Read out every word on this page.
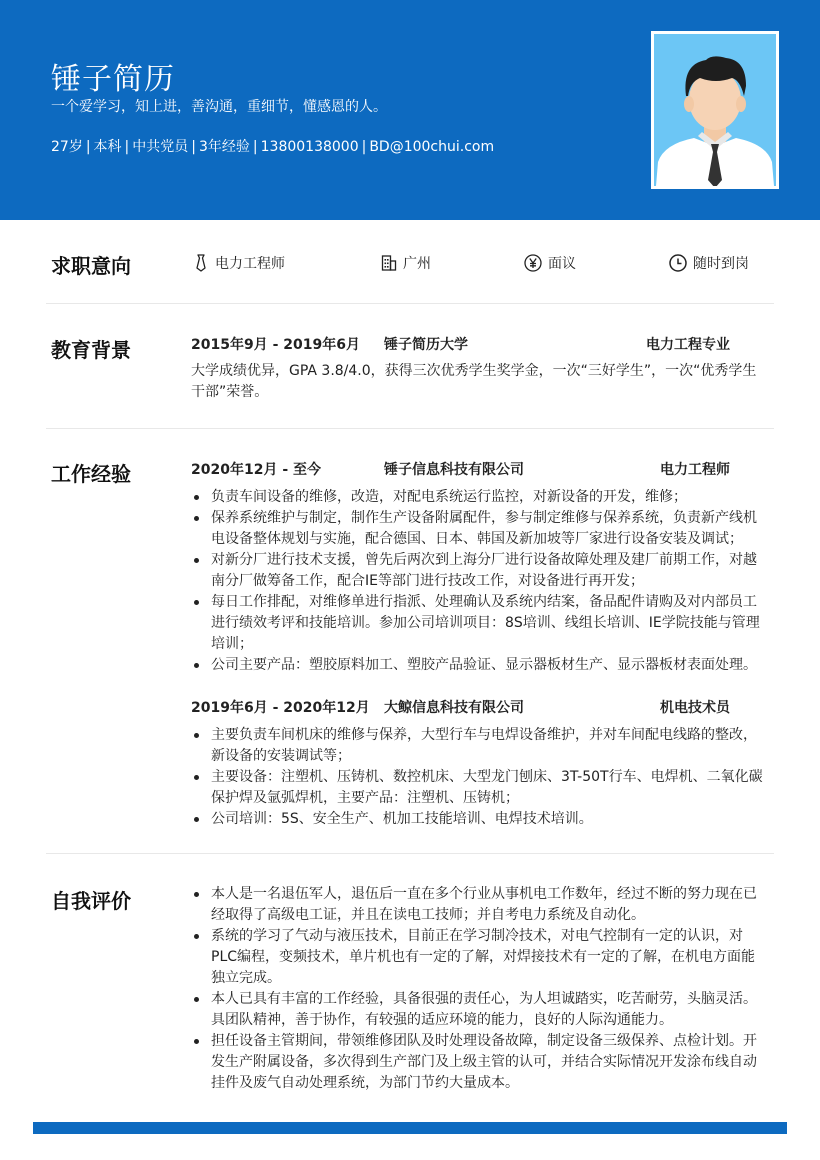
锤子简历
一个爱学习，知上进，善沟通，重细节，懂感恩的人。
27岁 | 本科 | 中共党员 | 3年经验 | 13800138000 | BD@100chui.com
求职意向	电力工程师	广州	面议	随时到岗
教育背景	2015年9月 - 2019年6月 锤子简历大学	电力工程专业
大学成绩优异，GPA 3.8/4.0，获得三次优秀学生奖学金，一次“三好学生”，一次“优秀学生干部”荣誉。
工作经验	2020年12月 - 至今	锤子信息科技有限公司	电力工程师
负责车间设备的维修，改造，对配电系统运行监控，对新设备的开发，维修；
保养系统维护与制定，制作生产设备附属配件，参与制定维修与保养系统，负责新产线机电设备整体规划与实施，配合德国、日本、韩国及新加坡等厂家进行设备安装及调试；
对新分厂进行技术支援，曾先后两次到上海分厂进行设备故障处理及建厂前期工作，对越南分厂做筹备工作，配合IE等部门进行技改工作，对设备进行再开发；
每日工作排配，对维修单进行指派、处理确认及系统内结案，备品配件请购及对内部员工进行绩效考评和技能培训。参加公司培训项目：8S培训、线组长培训、IE学院技能与管理培训；
公司主要产品：塑胶原料加工、塑胶产品验证、显示器板材生产、显示器板材表面处理。
2019年6月 - 2020年12月 大鲸信息科技有限公司	机电技术员
主要负责车间机床的维修与保养，大型行车与电焊设备维护，并对车间配电线路的整改，新设备的安装调试等；
主要设备：注塑机、压铸机、数控机床、大型龙门刨床、3T-50T行车、电焊机、二氧化碳保护焊及氩弧焊机，主要产品：注塑机、压铸机；
公司培训：5S、安全生产、机加工技能培训、电焊技术培训。
自我评价	本人是一名退伍军人，退伍后一直在多个行业从事机电工作数年，经过不断的努力现在已经取得了高级电工证，并且在读电工技师；并自考电力系统及自动化。
系统的学习了气动与液压技术，目前正在学习制冷技术，对电气控制有一定的认识，对PLC编程，变频技术，单片机也有一定的了解，对焊接技术有一定的了解，在机电方面能独立完成。
本人已具有丰富的工作经验，具备很强的责任心，为人坦诚踏实，吃苦耐劳，头脑灵活。具团队精神，善于协作，有较强的适应环境的能力，良好的人际沟通能力。
担任设备主管期间，带领维修团队及时处理设备故障，制定设备三级保养、点检计划。开发生产附属设备，多次得到生产部门及上级主管的认可，并结合实际情况开发涂布线自动挂件及废气自动处理系统，为部门节约大量成本。
